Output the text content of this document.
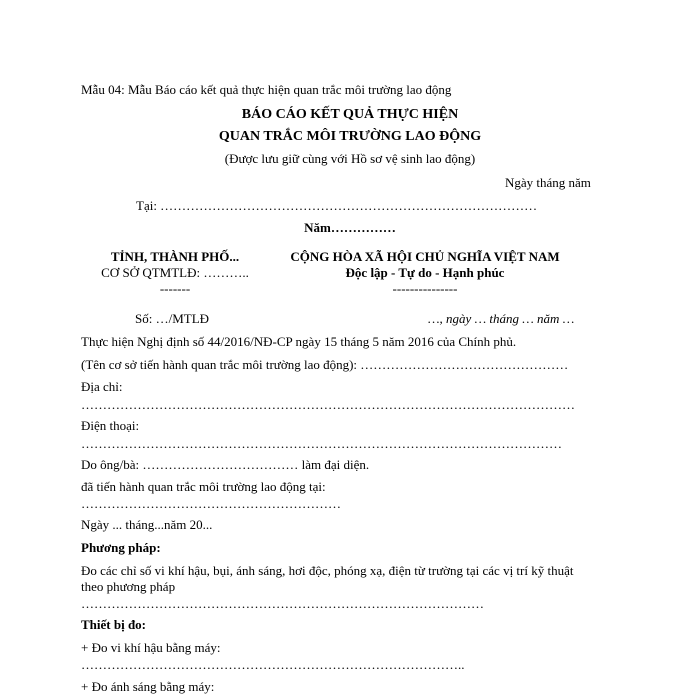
Mẫu 04: Mẫu Báo cáo kết quả thực hiện quan trắc môi trường lao động
BÁO CÁO KẾT QUẢ THỰC HIỆN
QUAN TRẮC MÔI TRƯỜNG LAO ĐỘNG
(Được lưu giữ cùng với Hồ sơ vệ sinh lao động)
Ngày tháng năm
Tại: ……………………………………………………………………………
Năm……………
TỈNH, THÀNH PHỐ...
CƠ SỞ QTMTLĐ: ………..
-------
CỘNG HÒA XÃ HỘI CHỦ NGHĨA VIỆT NAM
Độc lập - Tự do - Hạnh phúc
---------------
Số: …/MTLĐ	…, ngày … tháng … năm …
Thực hiện Nghị định số 44/2016/NĐ-CP ngày 15 tháng 5 năm 2016 của Chính phủ.
(Tên cơ sở tiến hành quan trắc môi trường lao động): …………………………………………
Địa chỉ:
……………………………………………………………………………………………………
Điện thoại:
…………………………………………………………………………………………………
Do ông/bà: ……………………………… làm đại diện.
đã tiến hành quan trắc môi trường lao động tại:
……………………………………………………
Ngày ... tháng...năm 20...
Phương pháp:
Đo các chỉ số vi khí hậu, bụi, ánh sáng, hơi độc, phóng xạ, điện từ trường tại các vị trí kỹ thuật
theo phương pháp
…………………………………………………………………………………
Thiết bị đo:
+ Đo vi khí hậu bằng máy:
……………………………………………………………………………..
+ Đo ánh sáng bằng máy:
